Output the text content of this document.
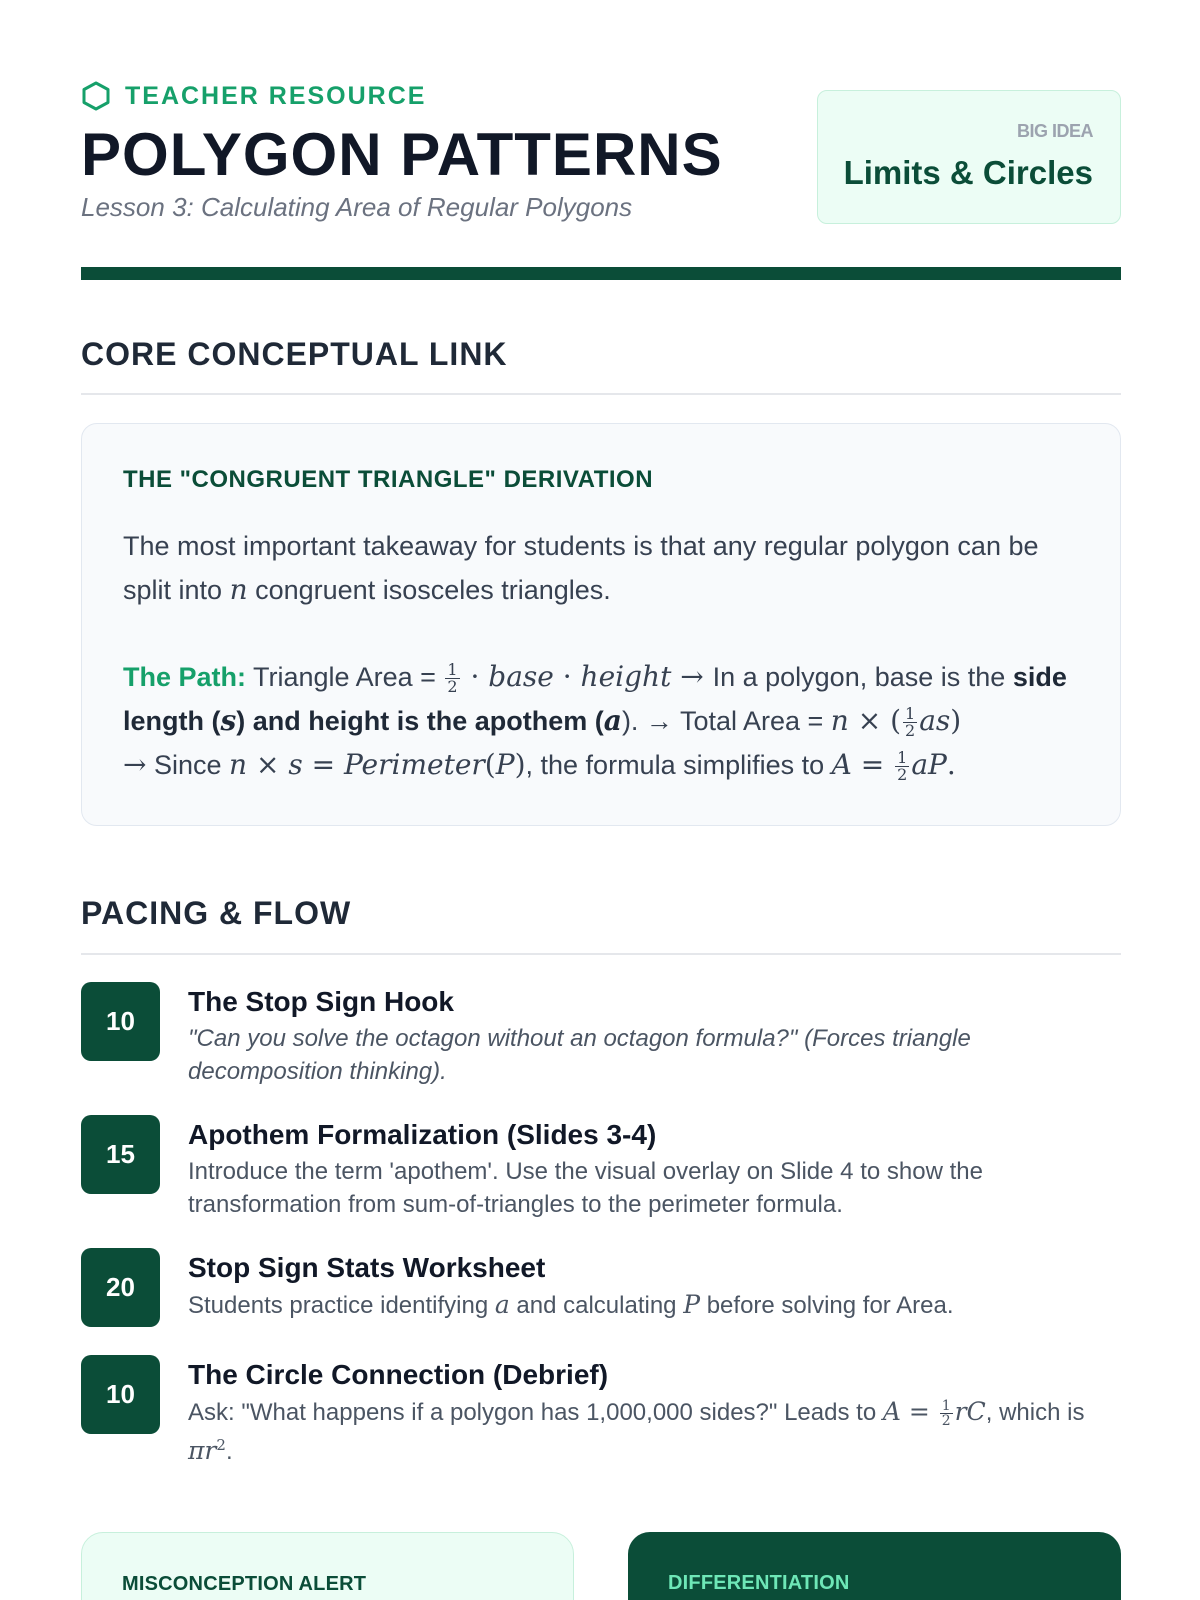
TEACHER RESOURCE
POLYGON PATTERNS
Lesson 3: Calculating Area of Regular Polygons
BIG IDEA
Limits & Circles
CORE CONCEPTUAL LINK
THE "CONGRUENT TRIANGLE" DERIVATION
The most important takeaway for students is that any regular polygon can be split into n congruent isosceles triangles.
The Path: Triangle Area = $\frac{1}{2}$ · base · height → In a polygon, base is the side length (s) and height is the apothem (a). → Total Area = n × ( $\frac{1}{2} as$)
→ Since n × s = Perimeter(P), the formula simplifies to $A = \frac{1}{2}$ aP.
PACING & FLOW
10
The Stop Sign Hook
"Can you solve the octagon without an octagon formula?" (Forces triangle decomposition thinking).
15
Apothem Formalization (Slides 3-4)
Introduce the term 'apothem'. Use the visual overlay on Slide 4 to show the transformation from sum-of-triangles to the perimeter formula.
20
Stop Sign Stats Worksheet
Students practice identifying a and calculating P before solving for Area.
10
The Circle Connection (Debrief)
Ask: "What happens if a polygon has 1,000,000 sides?" Leads to $A = \frac{1}{2}$ rC, which is $\pi r^2$.
MISCONCEPTION ALERT	DIFFERENTIATION
